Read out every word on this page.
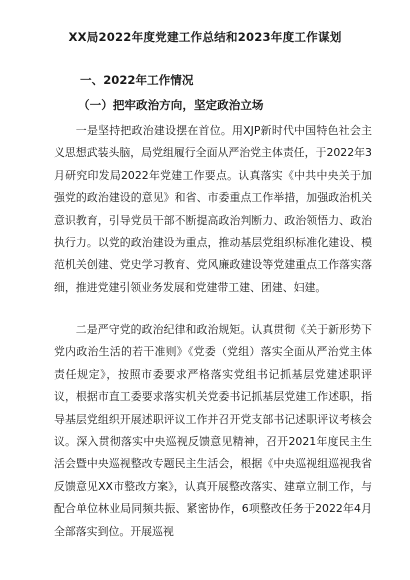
XX局2022年度党建工作总结和2023年度工作谋划
一、2022年工作情况
（一）把牢政治方向，坚定政治立场

一是坚持把政治建设摆在首位。用XJP新时代中国特色社会主义思想武装头脑，局党组履行全面从严治党主体责任，于2022年3月研究印发局2022年党建工作要点。认真落实《中共中央关于加强党的政治建设的意见》和省、市委重点工作举措，加强政治机关意识教育，引导党员干部不断提高政治判断力、政治领悟力、政治执行力。以党的政治建设为重点，推动基层党组织标准化建设、模范机关创建、党史学习教育、党风廉政建设等党建重点工作落实落细，推进党建引领业务发展和党建带工建、团建、妇建。

二是严守党的政治纪律和政治规矩。认真贯彻《关于新形势下党内政治生活的若干准则》《党委（党组）落实全面从严治党主体责任规定》，按照市委要求严格落实党组书记抓基层党建述职评议，根据市直工委要求落实机关党委书记抓基层党建工作述职，指导基层党组织开展述职评议工作并召开党支部书记述职评议考核会议。深入贯彻落实中央巡视反馈意见精神，召开2021年度民主生活会暨中央巡视整改专题民主生活会，根据《中央巡视组巡视我省反馈意见XX市整改方案》，认真开展整改落实、建章立制工作，与配合单位林业局同频共振、紧密协作，6项整改任务于2022年4月全部落实到位。开展巡视
